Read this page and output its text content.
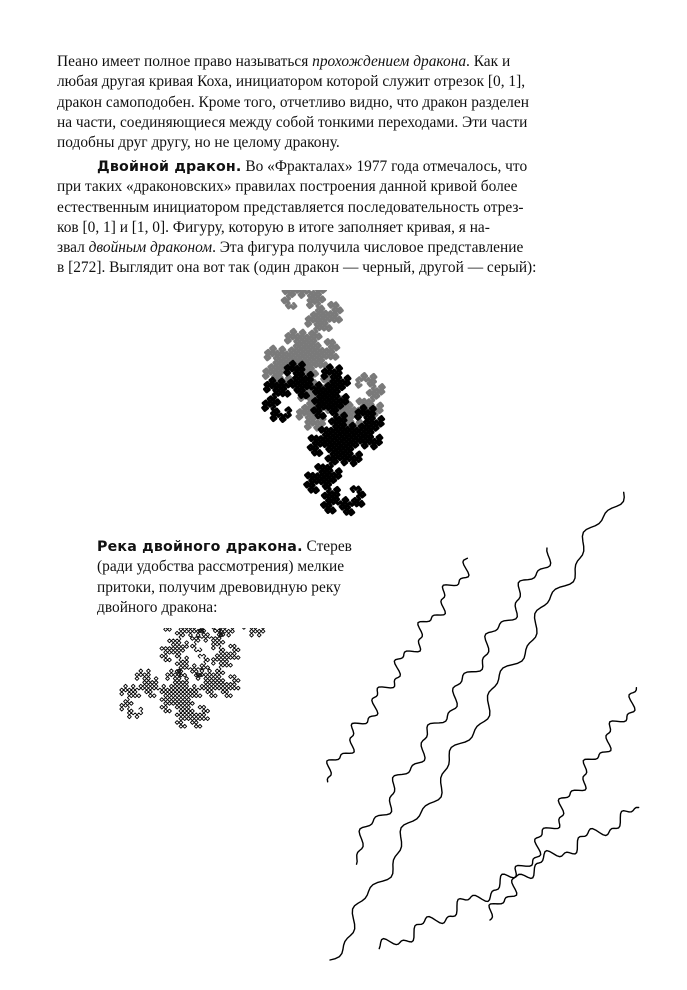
Пеано имеет полное право называться прохождением дракона. Как и
любая другая кривая Коха, инициатором которой служит отрезок [0, 1],
дракон самоподобен. Кроме того, отчетливо видно, что дракон разделен
на части, соединяющиеся между собой тонкими переходами. Эти части
подобны друг другу, но не целому дракону.
Двойной дракон. Во «Фракталах» 1977 года отмечалось, что
при таких «драконовских» правилах построения данной кривой более
естественным инициатором представляется последовательность отрез-
ков [0, 1] и [1, 0]. Фигуру, которую в итоге заполняет кривая, я на-
звал двойным драконом. Эта фигура получила числовое представление
в [272]. Выглядит она вот так (один дракон — черный, другой — серый):
Река двойного дракона. Стерев
(ради удобства рассмотрения) мелкие
притоки, получим древовидную реку
двойного дракона:
